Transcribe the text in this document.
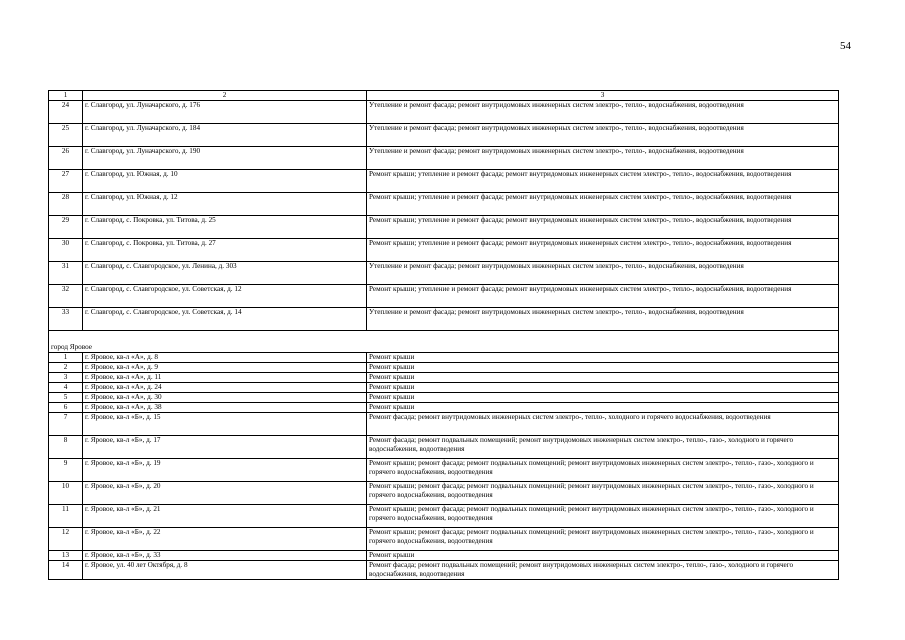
54
1	2	3
24	г. Славгород, ул. Луначарского, д. 176	Утепление и ремонт фасада; ремонт внутридомовых инженерных систем электро-, тепло-, водоснабжения, водоотведения
25	г. Славгород, ул. Луначарского, д. 184	Утепление и ремонт фасада; ремонт внутридомовых инженерных систем электро-, тепло-, водоснабжения, водоотведения
26	г. Славгород, ул. Луначарского, д. 190	Утепление и ремонт фасада; ремонт внутридомовых инженерных систем электро-, тепло-, водоснабжения, водоотведения
27	г. Славгород, ул. Южная, д. 10	Ремонт крыши; утепление и ремонт фасада; ремонт внутридомовых инженерных систем электро-, тепло-, водоснабжения, водоотведения
28	г. Славгород, ул. Южная, д. 12	Ремонт крыши; утепление и ремонт фасада; ремонт внутридомовых инженерных систем электро-, тепло-, водоснабжения, водоотведения
29	г. Славгород, с. Покровка, ул. Титова, д. 25	Ремонт крыши; утепление и ремонт фасада; ремонт внутридомовых инженерных систем электро-, тепло-, водоснабжения, водоотведения
30	г. Славгород, с. Покровка, ул. Титова, д. 27	Ремонт крыши; утепление и ремонт фасада; ремонт внутридомовых инженерных систем электро-, тепло-, водоснабжения, водоотведения
31	г. Славгород, с. Славгородское, ул. Ленина, д. 303	Утепление и ремонт фасада; ремонт внутридомовых инженерных систем электро-, тепло-, водоснабжения, водоотведения
32	г. Славгород, с. Славгородское, ул. Советская, д. 12	Ремонт крыши; утепление и ремонт фасада; ремонт внутридомовых инженерных систем электро-, тепло-, водоснабжения, водоотведения
33	г. Славгород, с. Славгородское, ул. Советская, д. 14	Утепление и ремонт фасада; ремонт внутридомовых инженерных систем электро-, тепло-, водоснабжения, водоотведения
город Яровое		
1	г. Яровое, кв-л «А», д. 8	Ремонт крыши
2	г. Яровое, кв-л «А», д. 9	Ремонт крыши
3	г. Яровое, кв-л «А», д. 11	Ремонт крыши
4	г. Яровое, кв-л «А», д. 24	Ремонт крыши
5	г. Яровое, кв-л «А», д. 30	Ремонт крыши
6	г. Яровое, кв-л «А», д. 38	Ремонт крыши
7	г. Яровое, кв-л «Б», д. 15	Ремонт фасада; ремонт внутридомовых инженерных систем электро-, тепло-, холодного и горячего водоснабжения, водоотведения
8	г. Яровое, кв-л «Б», д. 17	Ремонт фасада; ремонт подвальных помещений; ремонт внутридомовых инженерных систем электро-, тепло-, газо-, холодного и горячего водоснабжения, водоотведения
9	г. Яровое, кв-л «Б», д. 19	Ремонт крыши; ремонт фасада; ремонт подвальных помещений; ремонт внутридомовых инженерных систем электро-, тепло-, газо-, холодного и горячего водоснабжения, водоотведения
10	г. Яровое, кв-л «Б», д. 20	Ремонт крыши; ремонт фасада; ремонт подвальных помещений; ремонт внутридомовых инженерных систем электро-, тепло-, газо-, холодного и горячего водоснабжения, водоотведения
11	г. Яровое, кв-л «Б», д. 21	Ремонт крыши; ремонт фасада; ремонт подвальных помещений; ремонт внутридомовых инженерных систем электро-, тепло-, газо-, холодного и горячего водоснабжения, водоотведения
12	г. Яровое, кв-л «Б», д. 22	Ремонт крыши; ремонт фасада; ремонт подвальных помещений; ремонт внутридомовых инженерных систем электро-, тепло-, газо-, холодного и горячего водоснабжения, водоотведения
13	г. Яровое, кв-л «Б», д. 33	Ремонт крыши
14	г. Яровое, ул. 40 лет Октября, д. 8	Ремонт фасада; ремонт подвальных помещений; ремонт внутридомовых инженерных систем электро-, тепло-, газо-, холодного и горячего водоснабжения, водоотведения
